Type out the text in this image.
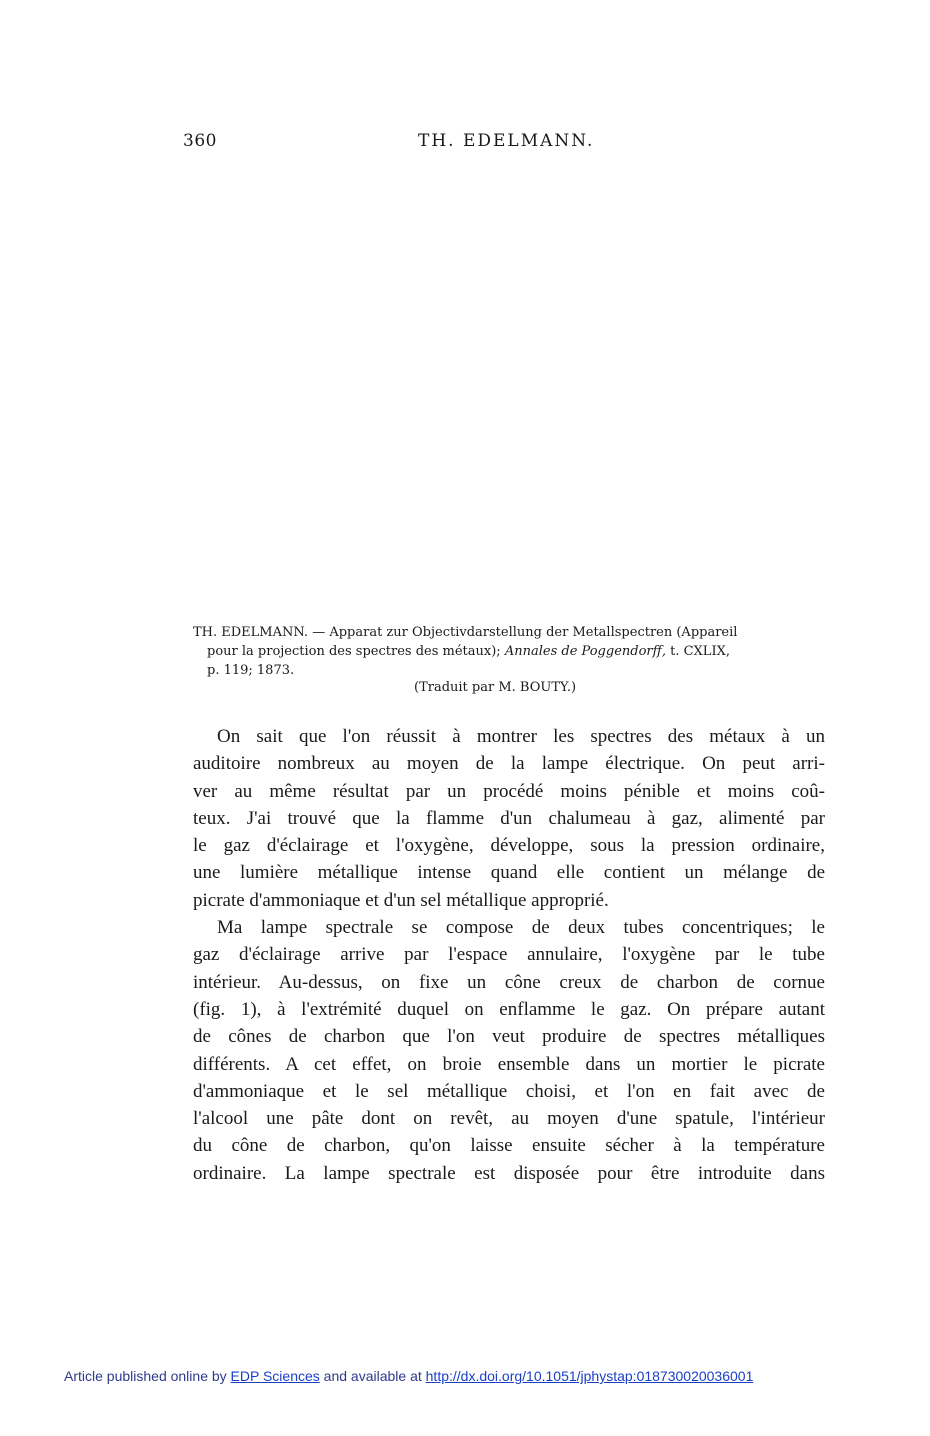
360	TH. EDELMANN.
TH. EDELMANN. — Apparat zur Objectivdarstellung der Metallspectren (Appareil
pour la projection des spectres des métaux); Annales de Poggendorff, t. CXLIX,
p. 119; 1873.
(Traduit par M. BOUTY.)
On sait que l'on réussit à montrer les spectres des métaux à un
auditoire nombreux au moyen de la lampe électrique. On peut arri-
ver au même résultat par un procédé moins pénible et moins coû-
teux. J'ai trouvé que la flamme d'un chalumeau à gaz, alimenté par
le gaz d'éclairage et l'oxygène, développe, sous la pression ordinaire,
une lumière métallique intense quand elle contient un mélange de
picrate d'ammoniaque et d'un sel métallique approprié.
Ma lampe spectrale se compose de deux tubes concentriques; le
gaz d'éclairage arrive par l'espace annulaire, l'oxygène par le tube
intérieur. Au-dessus, on fixe un cône creux de charbon de cornue
(fig. 1), à l'extrémité duquel on enflamme le gaz. On prépare autant
de cônes de charbon que l'on veut produire de spectres métalliques
différents. A cet effet, on broie ensemble dans un mortier le picrate
d'ammoniaque et le sel métallique choisi, et l'on en fait avec de
l'alcool une pâte dont on revêt, au moyen d'une spatule, l'intérieur
du cône de charbon, qu'on laisse ensuite sécher à la température
ordinaire. La lampe spectrale est disposée pour être introduite dans
Article published online by EDP Sciences and available at http://dx.doi.org/10.1051/jphystap:018730020036001
